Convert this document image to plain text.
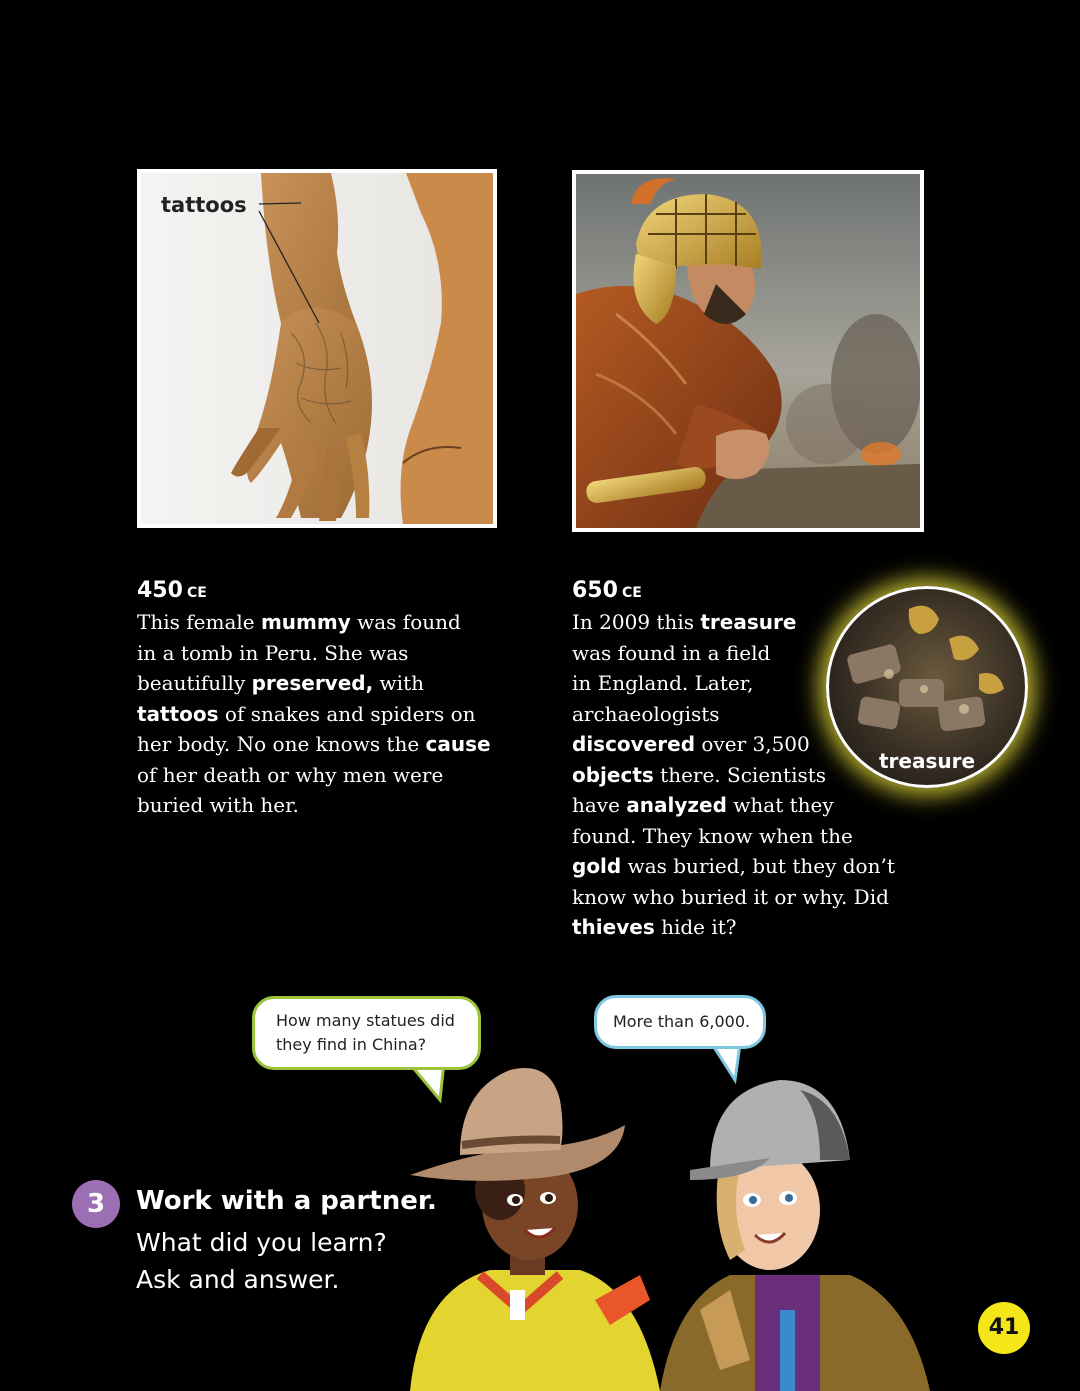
tattoos
450 CE
This female mummy was found
in a tomb in Peru. She was
beautifully preserved, with
tattoos of snakes and spiders on
her body. No one knows the cause
of her death or why men were
buried with her.
650 CE
In 2009 this treasure
was found in a field
in England. Later,
archaeologists
discovered over 3,500
objects there. Scientists
have analyzed what they
found. They know when the
gold was buried, but they don’t
know who buried it or why. Did
thieves hide it?
treasure
How many statues did
they find in China?
More than 6,000.
3	Work with a partner.
What did you learn?
Ask and answer.
41
